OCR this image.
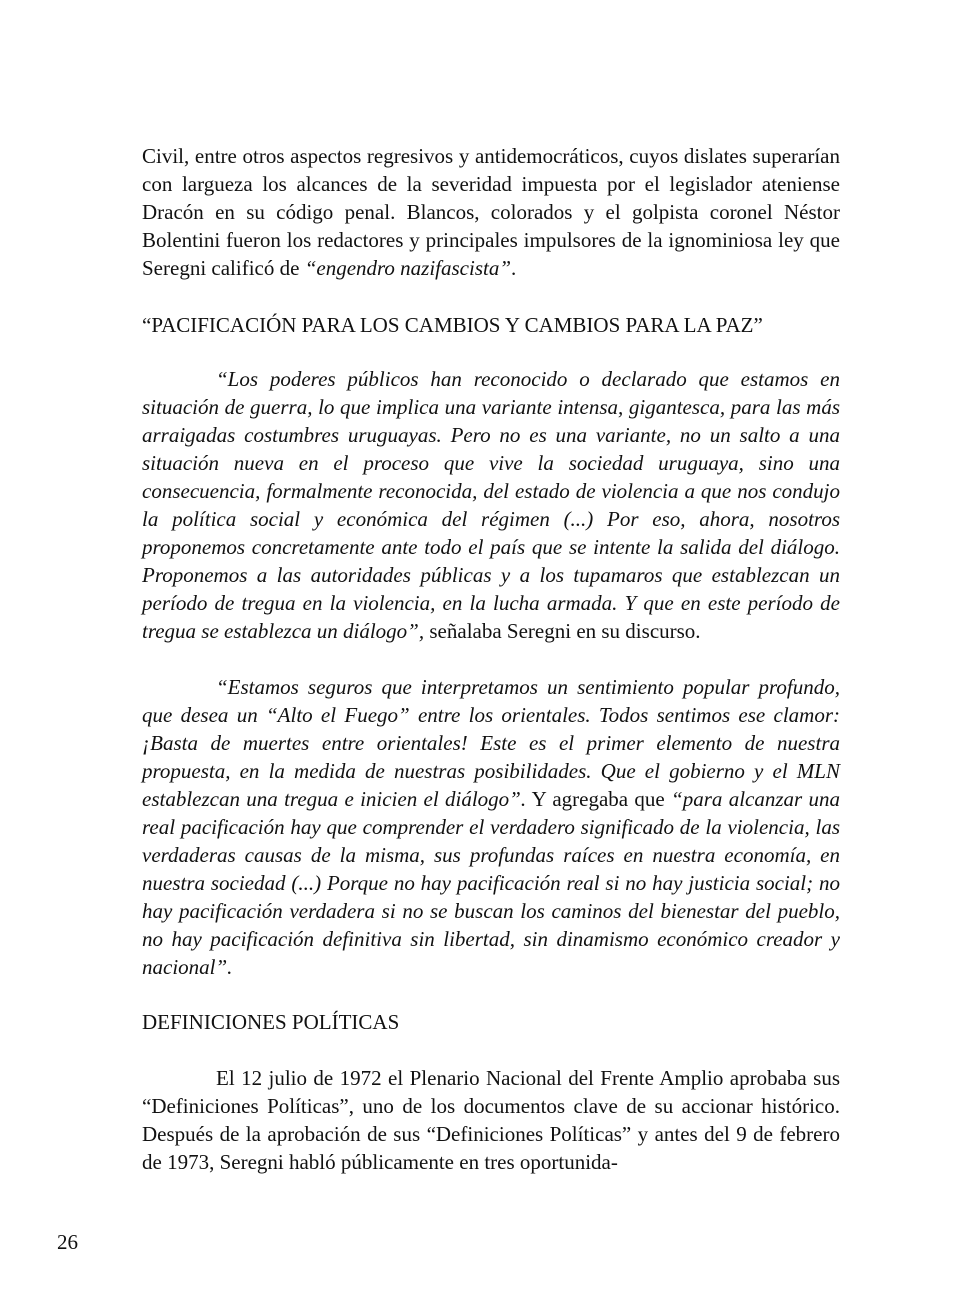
Civil, entre otros aspectos regresivos y antidemocráticos, cuyos dislates superarían con largueza los alcances de la severidad impuesta por el legislador ateniense Dracón en su código penal. Blancos, colorados y el golpista coronel Néstor Bolentini fueron los redactores y principales impulsores de la ignominiosa ley que Seregni calificó de “engendro nazifascista”.

“PACIFICACIÓN PARA LOS CAMBIOS Y CAMBIOS PARA LA PAZ”

“Los poderes públicos han reconocido o declarado que estamos en situación de guerra, lo que implica una variante intensa, gigantesca, para las más arraigadas costumbres uruguayas. Pero no es una variante, no un salto a una situación nueva en el proceso que vive la sociedad uruguaya, sino una consecuencia, formalmente reconocida, del estado de violencia a que nos condujo la política social y económica del régimen (...) Por eso, ahora, nosotros proponemos concretamente ante todo el país que se intente la salida del diálogo. Proponemos a las autoridades públicas y a los tupamaros que establezcan un período de tregua en la violencia, en la lucha armada. Y que en este período de tregua se establezca un diálogo”, señalaba Seregni en su discurso.

“Estamos seguros que interpretamos un sentimiento popular profundo, que desea un “Alto el Fuego” entre los orientales. Todos sentimos ese clamor: ¡Basta de muertes entre orientales! Este es el primer elemento de nuestra propuesta, en la medida de nuestras posibilidades. Que el gobierno y el MLN establezcan una tregua e inicien el diálogo”. Y agregaba que “para alcanzar una real pacificación hay que comprender el verdadero significado de la violencia, las verdaderas causas de la misma, sus profundas raíces en nuestra economía, en nuestra sociedad (...) Porque no hay pacificación real si no hay justicia social; no hay pacificación verdadera si no se buscan los caminos del bienestar del pueblo, no hay pacificación definitiva sin libertad, sin dinamismo económico creador y nacional”.

DEFINICIONES POLÍTICAS

El 12 julio de 1972 el Plenario Nacional del Frente Amplio aprobaba sus “Definiciones Políticas”, uno de los documentos clave de su accionar histórico. Después de la aprobación de sus “Definiciones Políticas” y antes del 9 de febrero de 1973, Seregni habló públicamente en tres oportunida-

26
